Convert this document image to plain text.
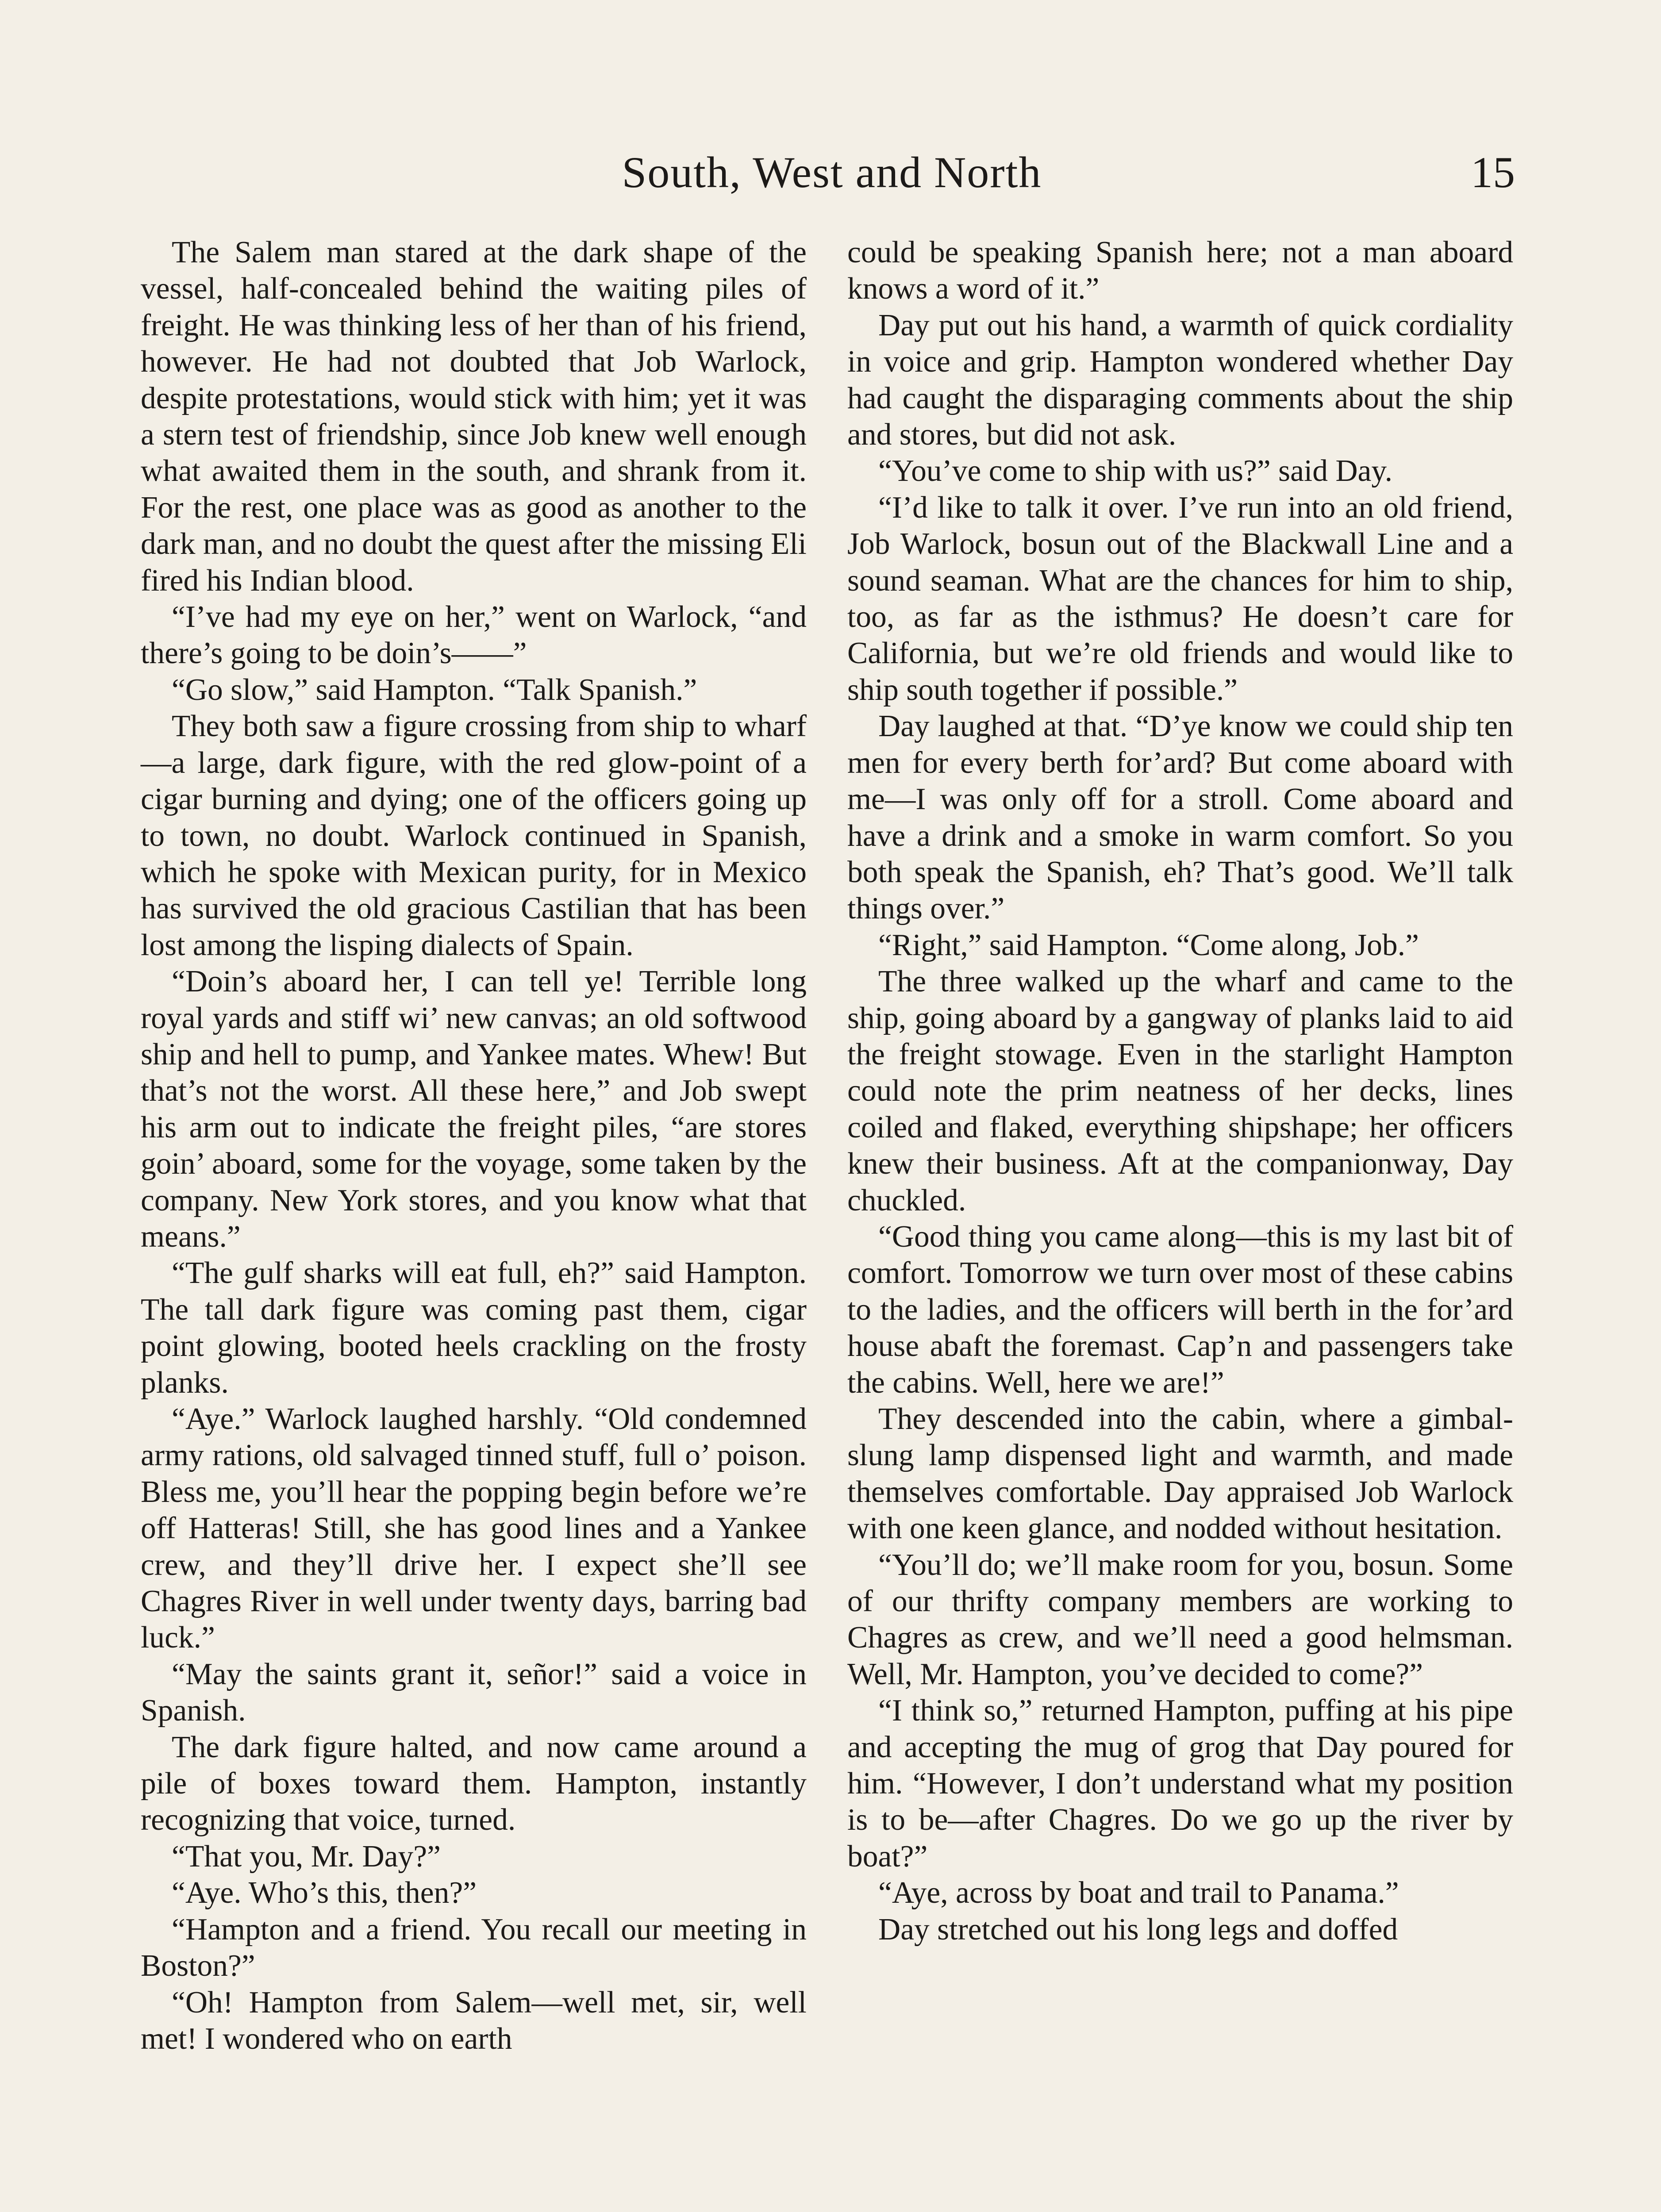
South, West and North	15

The Salem man stared at the dark shape of the vessel, half-concealed behind the waiting piles of freight. He was thinking less of her than of his friend, however. He had not doubted that Job Warlock, despite protestations, would stick with him; yet it was a stern test of friendship, since Job knew well enough what awaited them in the south, and shrank from it. For the rest, one place was as good as another to the dark man, and no doubt the quest after the missing Eli fired his Indian blood.

“I’ve had my eye on her,” went on Warlock, “and there’s going to be doin’s——”

“Go slow,” said Hampton. “Talk Spanish.”

They both saw a figure crossing from ship to wharf—a large, dark figure, with the red glow-point of a cigar burning and dying; one of the officers going up to town, no doubt. Warlock continued in Spanish, which he spoke with Mexican purity, for in Mexico has survived the old gracious Castilian that has been lost among the lisping dialects of Spain.

“Doin’s aboard her, I can tell ye! Terrible long royal yards and stiff wi’ new canvas; an old softwood ship and hell to pump, and Yankee mates. Whew! But that’s not the worst. All these here,” and Job swept his arm out to indicate the freight piles, “are stores goin’ aboard, some for the voyage, some taken by the company. New York stores, and you know what that means.”

“The gulf sharks will eat full, eh?” said Hampton. The tall dark figure was coming past them, cigar point glowing, booted heels crackling on the frosty planks.

“Aye.” Warlock laughed harshly. “Old condemned army rations, old salvaged tinned stuff, full o’ poison. Bless me, you’ll hear the popping begin before we’re off Hatteras! Still, she has good lines and a Yankee crew, and they’ll drive her. I expect she’ll see Chagres River in well under twenty days, barring bad luck.”

“May the saints grant it, señor!” said a voice in Spanish.

The dark figure halted, and now came around a pile of boxes toward them. Hampton, instantly recognizing that voice, turned.

“That you, Mr. Day?”

“Aye. Who’s this, then?”

“Hampton and a friend. You recall our meeting in Boston?”

“Oh! Hampton from Salem—well met, sir, well met! I wondered who on earth

could be speaking Spanish here; not a man aboard knows a word of it.”

Day put out his hand, a warmth of quick cordiality in voice and grip. Hampton wondered whether Day had caught the disparaging comments about the ship and stores, but did not ask.

“You’ve come to ship with us?” said Day.

“I’d like to talk it over. I’ve run into an old friend, Job Warlock, bosun out of the Blackwall Line and a sound seaman. What are the chances for him to ship, too, as far as the isthmus? He doesn’t care for California, but we’re old friends and would like to ship south together if possible.”

Day laughed at that. “D’ye know we could ship ten men for every berth for’ard? But come aboard with me—I was only off for a stroll. Come aboard and have a drink and a smoke in warm comfort. So you both speak the Spanish, eh? That’s good. We’ll talk things over.”

“Right,” said Hampton. “Come along, Job.”

The three walked up the wharf and came to the ship, going aboard by a gangway of planks laid to aid the freight stowage. Even in the starlight Hampton could note the prim neatness of her decks, lines coiled and flaked, everything shipshape; her officers knew their business. Aft at the companionway, Day chuckled.

“Good thing you came along—this is my last bit of comfort. Tomorrow we turn over most of these cabins to the ladies, and the officers will berth in the for’ard house abaft the foremast. Cap’n and passengers take the cabins. Well, here we are!”

They descended into the cabin, where a gimbal-slung lamp dispensed light and warmth, and made themselves comfortable. Day appraised Job Warlock with one keen glance, and nodded without hesitation.

“You’ll do; we’ll make room for you, bosun. Some of our thrifty company members are working to Chagres as crew, and we’ll need a good helmsman. Well, Mr. Hampton, you’ve decided to come?”

“I think so,” returned Hampton, puffing at his pipe and accepting the mug of grog that Day poured for him. “However, I don’t understand what my position is to be—after Chagres. Do we go up the river by boat?”

“Aye, across by boat and trail to Panama.”

Day stretched out his long legs and doffed
